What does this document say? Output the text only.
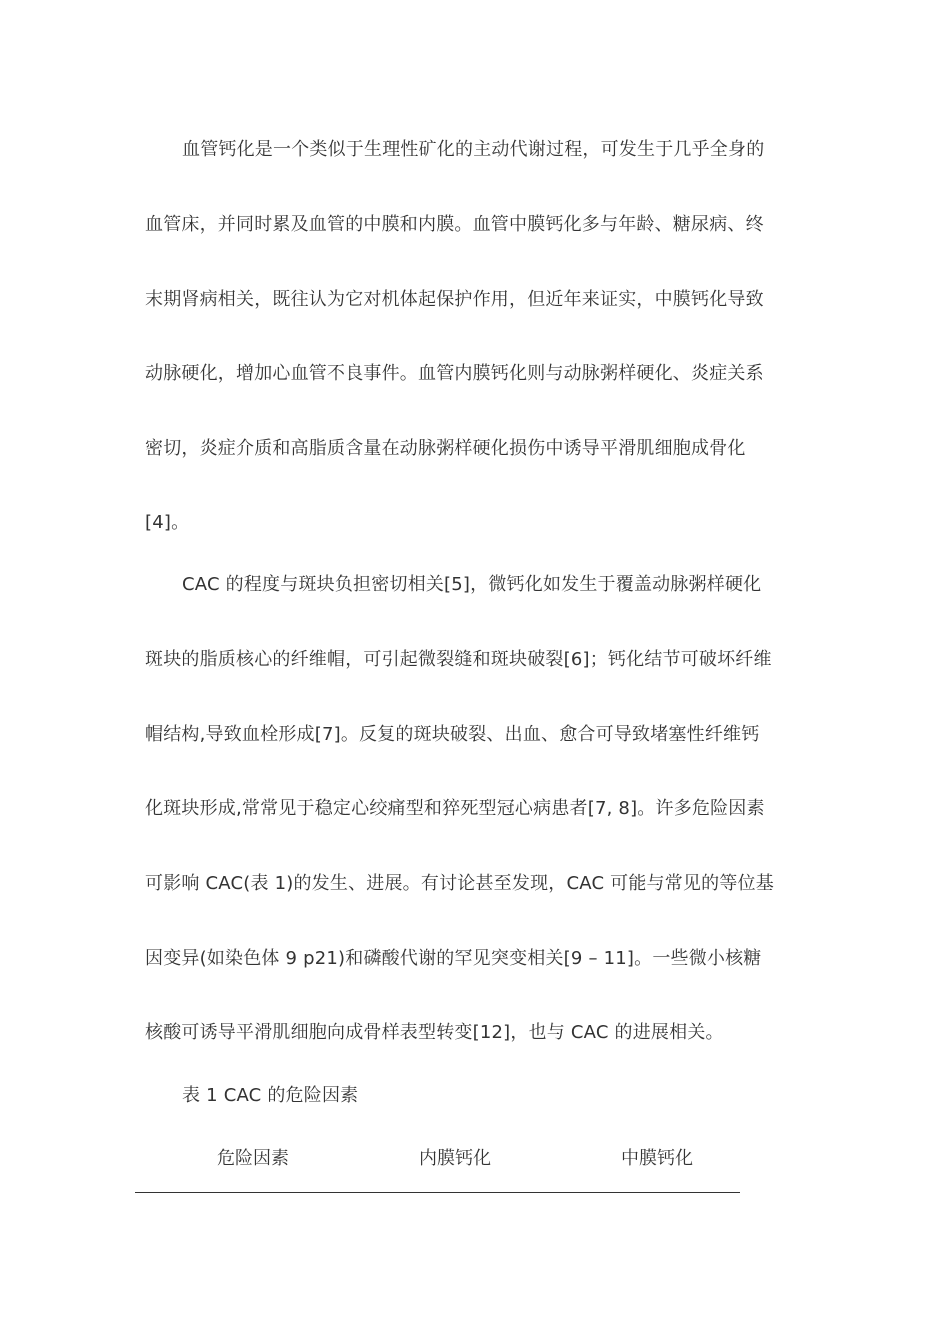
血管钙化是一个类似于生理性矿化的主动代谢过程，可发生于几乎全身的
血管床，并同时累及血管的中膜和内膜。血管中膜钙化多与年龄、糖尿病、终
末期肾病相关，既往认为它对机体起保护作用，但近年来证实，中膜钙化导致
动脉硬化，增加心血管不良事件。血管内膜钙化则与动脉粥样硬化、炎症关系
密切，炎症介质和高脂质含量在动脉粥样硬化损伤中诱导平滑肌细胞成骨化
[4]。
CAC 的程度与斑块负担密切相关[5]，微钙化如发生于覆盖动脉粥样硬化
斑块的脂质核心的纤维帽，可引起微裂缝和斑块破裂[6]；钙化结节可破坏纤维
帽结构,导致血栓形成[7]。反复的斑块破裂、出血、愈合可导致堵塞性纤维钙
化斑块形成,常常见于稳定心绞痛型和猝死型冠心病患者[7, 8]。许多危险因素
可影响 CAC(表 1)的发生、进展。有讨论甚至发现，CAC 可能与常见的等位基
因变异(如染色体 9 p21)和磷酸代谢的罕见突变相关[9 – 11]。一些微小核糖
核酸可诱导平滑肌细胞向成骨样表型转变[12]，也与 CAC 的进展相关。
表 1 CAC 的危险因素
危险因素	内膜钙化	中膜钙化
